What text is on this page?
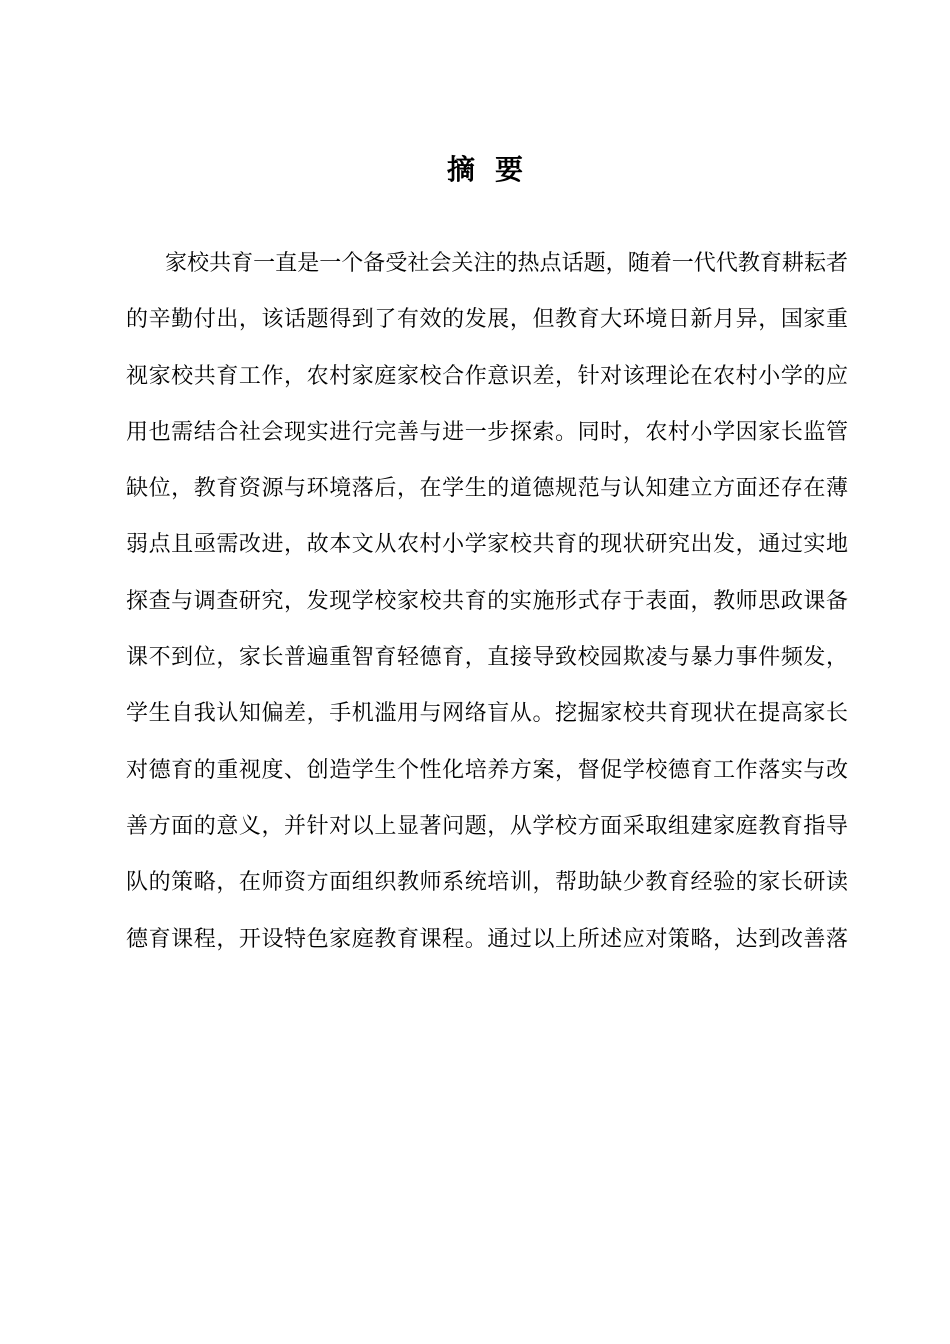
摘要
家校共育一直是一个备受社会关注的热点话题，随着一代代教育耕耘者
的辛勤付出，该话题得到了有效的发展，但教育大环境日新月异，国家重
视家校共育工作，农村家庭家校合作意识差，针对该理论在农村小学的应
用也需结合社会现实进行完善与进一步探索。同时，农村小学因家长监管
缺位，教育资源与环境落后，在学生的道德规范与认知建立方面还存在薄
弱点且亟需改进，故本文从农村小学家校共育的现状研究出发，通过实地
探查与调查研究，发现学校家校共育的实施形式存于表面，教师思政课备
课不到位，家长普遍重智育轻德育，直接导致校园欺凌与暴力事件频发，
学生自我认知偏差，手机滥用与网络盲从。挖掘家校共育现状在提高家长
对德育的重视度、创造学生个性化培养方案，督促学校德育工作落实与改
善方面的意义，并针对以上显著问题，从学校方面采取组建家庭教育指导
队的策略，在师资方面组织教师系统培训，帮助缺少教育经验的家长研读
德育课程，开设特色家庭教育课程。通过以上所述应对策略，达到改善落
